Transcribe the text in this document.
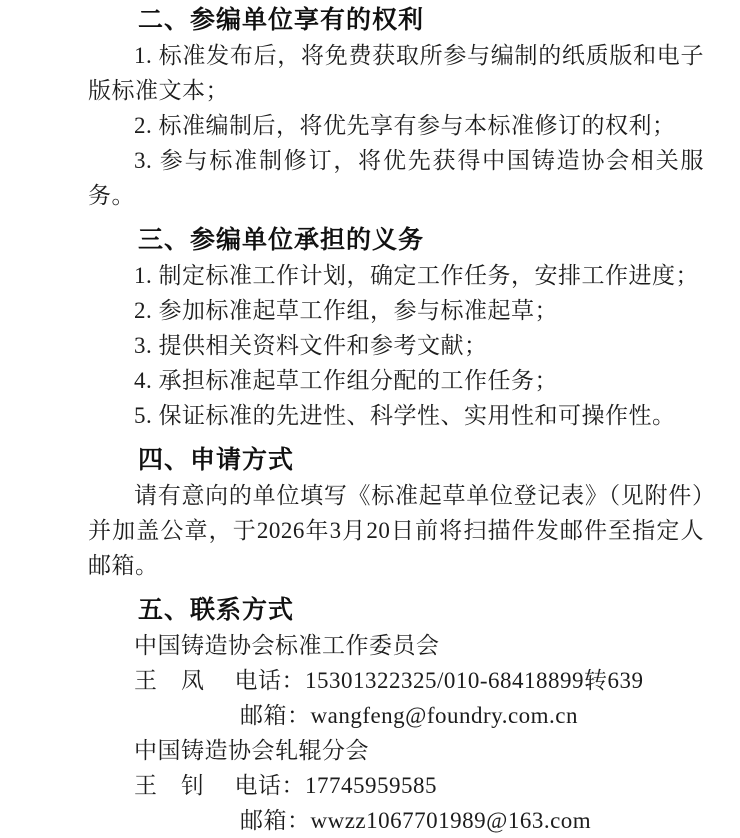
二、参编单位享有的权利

1. 标准发布后，将免费获取所参与编制的纸质版和电子版标准文本；

2. 标准编制后，将优先享有参与本标准修订的权利；

3. 参与标准制修订，将优先获得中国铸造协会相关服务。

三、参编单位承担的义务

1. 制定标准工作计划，确定工作任务，安排工作进度；

2. 参加标准起草工作组，参与标准起草；

3. 提供相关资料文件和参考文献；

4. 承担标准起草工作组分配的工作任务；

5. 保证标准的先进性、科学性、实用性和可操作性。

四、申请方式

请有意向的单位填写《标准起草单位登记表》（见附件）并加盖公章，于2026年3月20日前将扫描件发邮件至指定人邮箱。

五、联系方式

中国铸造协会标准工作委员会

王　凤 电话：15301322325/010-68418899转639

邮箱：wangfeng@foundry.com.cn

中国铸造协会轧辊分会

王　钊 电话：17745959585

邮箱：wwzz1067701989@163.com
